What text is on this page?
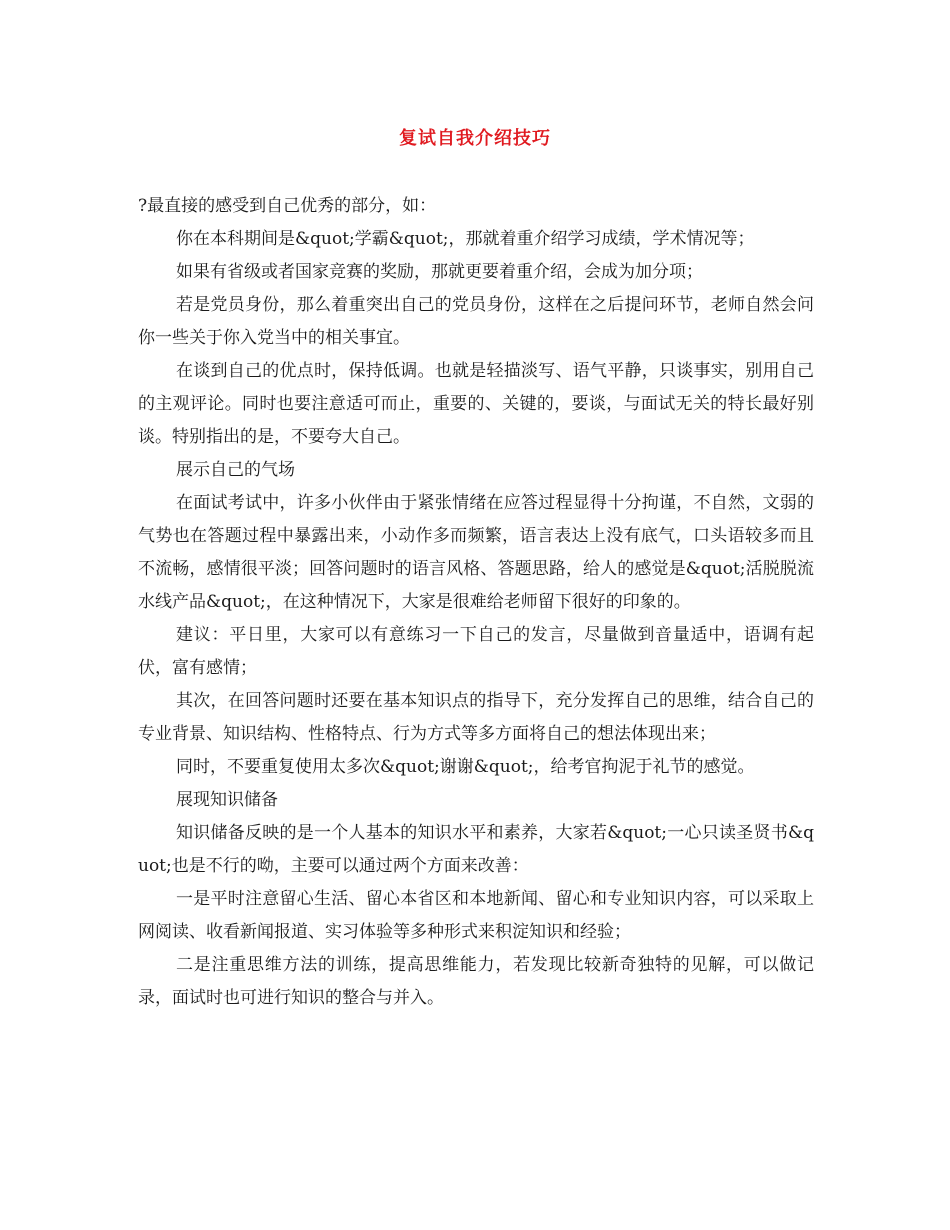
复试自我介绍技巧

?最直接的感受到自己优秀的部分，如：

你在本科期间是&quot;学霸&quot;，那就着重介绍学习成绩，学术情况等；

如果有省级或者国家竞赛的奖励，那就更要着重介绍，会成为加分项；

若是党员身份，那么着重突出自己的党员身份，这样在之后提问环节，老师自然会问你一些关于你入党当中的相关事宜。

在谈到自己的优点时，保持低调。也就是轻描淡写、语气平静，只谈事实，别用自己的主观评论。同时也要注意适可而止，重要的、关键的，要谈，与面试无关的特长最好别谈。特别指出的是，不要夸大自己。

展示自己的气场

在面试考试中，许多小伙伴由于紧张情绪在应答过程显得十分拘谨，不自然，文弱的气势也在答题过程中暴露出来，小动作多而频繁，语言表达上没有底气，口头语较多而且不流畅，感情很平淡；回答问题时的语言风格、答题思路，给人的感觉是&quot;活脱脱流水线产品&quot;，在这种情况下，大家是很难给老师留下很好的印象的。

建议：平日里，大家可以有意练习一下自己的发言，尽量做到音量适中，语调有起伏，富有感情；

其次，在回答问题时还要在基本知识点的指导下，充分发挥自己的思维，结合自己的专业背景、知识结构、性格特点、行为方式等多方面将自己的想法体现出来；

同时，不要重复使用太多次&quot;谢谢&quot;，给考官拘泥于礼节的感觉。

展现知识储备

知识储备反映的是一个人基本的知识水平和素养，大家若&quot;一心只读圣贤书&quot;也是不行的呦，主要可以通过两个方面来改善：

一是平时注意留心生活、留心本省区和本地新闻、留心和专业知识内容，可以采取上网阅读、收看新闻报道、实习体验等多种形式来积淀知识和经验；

二是注重思维方法的训练，提高思维能力，若发现比较新奇独特的见解，可以做记录，面试时也可进行知识的整合与并入。
